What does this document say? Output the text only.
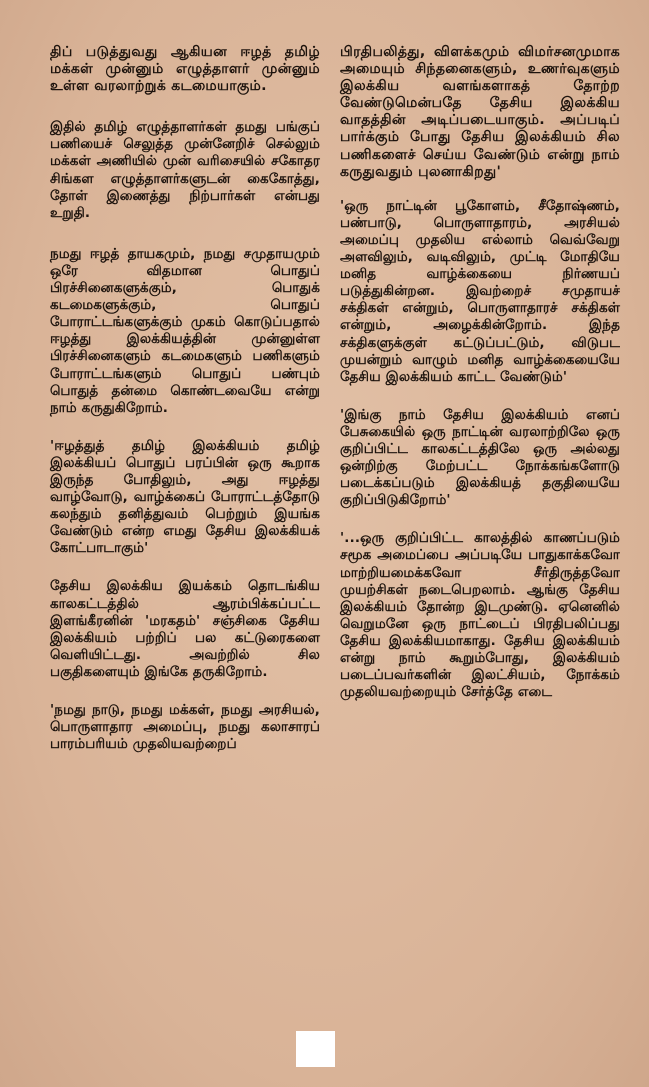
திப் படுத்துவது ஆகியன ஈழத் தமிழ் மக்கள் முன்னும் எழுத்தாளர் முன்னும் உள்ள வரலாற்றுக் கடமையாகும்.

இதில் தமிழ் எழுத்தாளர்கள் தமது பங்குப் பணியைச் செலுத்த முன்னேறிச் செல்லும் மக்கள் அணியில் முன் வரிசையில் சகோதர சிங்கள எழுத்தாளர்களுடன் கைகோத்து, தோள் இணைத்து நிற்பார்கள் என்பது உறுதி.

நமது ஈழத் தாயகமும், நமது சமுதாயமும் ஒரே விதமான பொதுப் பிரச்சினைகளுக்கும், பொதுக் கடமைகளுக்கும், பொதுப் போராட்டங்களுக்கும் முகம் கொடுப்பதால் ஈழத்து இலக்கியத்தின் முன்னுள்ள பிரச்சினைகளும் கடமைகளும் பணிகளும் போராட்டங்களும் பொதுப் பண்பும் பொதுத் தன்மை கொண்டவையே என்று நாம் கருதுகிறோம்.

'ஈழத்துத் தமிழ் இலக்கியம் தமிழ் இலக்கியப் பொதுப் பரப்பின் ஒரு கூறாக இருந்த போதிலும், அது ஈழத்து வாழ்வோடு, வாழ்க்கைப் போராட்டத்தோடு கலந்தும் தனித்துவம் பெற்றும் இயங்க வேண்டும் என்ற எமது தேசிய இலக்கியக் கோட்பாடாகும்'

தேசிய இலக்கிய இயக்கம் தொடங்கிய காலகட்டத்தில் ஆரம்பிக்கப்பட்ட இளங்கீரனின் 'மரகதம்' சஞ்சிகை தேசிய இலக்கியம் பற்றிப் பல கட்டுரைகளை வெளியிட்டது. அவற்றில் சில பகுதிகளையும் இங்கே தருகிறோம்.

'நமது நாடு, நமது மக்கள், நமது அரசியல், பொருளாதார அமைப்பு, நமது கலாசாரப் பாரம்பரியம் முதலியவற்றைப்

பிரதிபலித்து, விளக்கமும் விமர்சனமுமாக அமையும் சிந்தனைகளும், உணர்வுகளும் இலக்கிய வளங்களாகத் தோற்ற வேண்டுமென்பதே தேசிய இலக்கிய வாதத்தின் அடிப்படையாகும். அப்படிப் பார்க்கும் போது தேசிய இலக்கியம் சில பணிகளைச் செய்ய வேண்டும் என்று நாம் கருதுவதும் புலனாகிறது'

'ஒரு நாட்டின் பூகோளம், சீதோஷ்ணம், பண்பாடு, பொருளாதாரம், அரசியல் அமைப்பு முதலிய எல்லாம் வெவ்வேறு அளவிலும், வடிவிலும், முட்டி மோதியே மனித வாழ்க்கையை நிர்ணயப் படுத்துகின்றன. இவற்றைச் சமுதாயச் சக்திகள் என்றும், பொருளாதாரச் சக்திகள் என்றும், அழைக்கின்றோம். இந்த சக்திகளுக்குள் கட்டுப்பட்டும், விடுபட முயன்றும் வாழும் மனித வாழ்க்கையையே தேசிய இலக்கியம் காட்ட வேண்டும்'

'இங்கு நாம் தேசிய இலக்கியம் எனப் பேசுகையில் ஒரு நாட்டின் வரலாற்றிலே ஒரு குறிப்பிட்ட காலகட்டத்திலே ஒரு அல்லது ஒன்றிற்கு மேற்பட்ட நோக்கங்களோடு படைக்கப்படும் இலக்கியத் தகுதியையே குறிப்பிடுகிறோம்'

'...ஒரு குறிப்பிட்ட காலத்தில் காணப்படும் சமூக அமைப்பை அப்படியே பாதுகாக்கவோ மாற்றியமைக்கவோ சீர்திருத்தவோ முயற்சிகள் நடைபெறலாம். ஆங்கு தேசிய இலக்கியம் தோன்ற இடமுண்டு. ஏனெனில் வெறுமனே ஒரு நாட்டைப் பிரதிபலிப்பது தேசிய இலக்கியமாகாது. தேசிய இலக்கியம் என்று நாம் கூறும்போது, இலக்கியம் படைப்பவர்களின் இலட்சியம், நோக்கம் முதலியவற்றையும் சேர்த்தே எடை
